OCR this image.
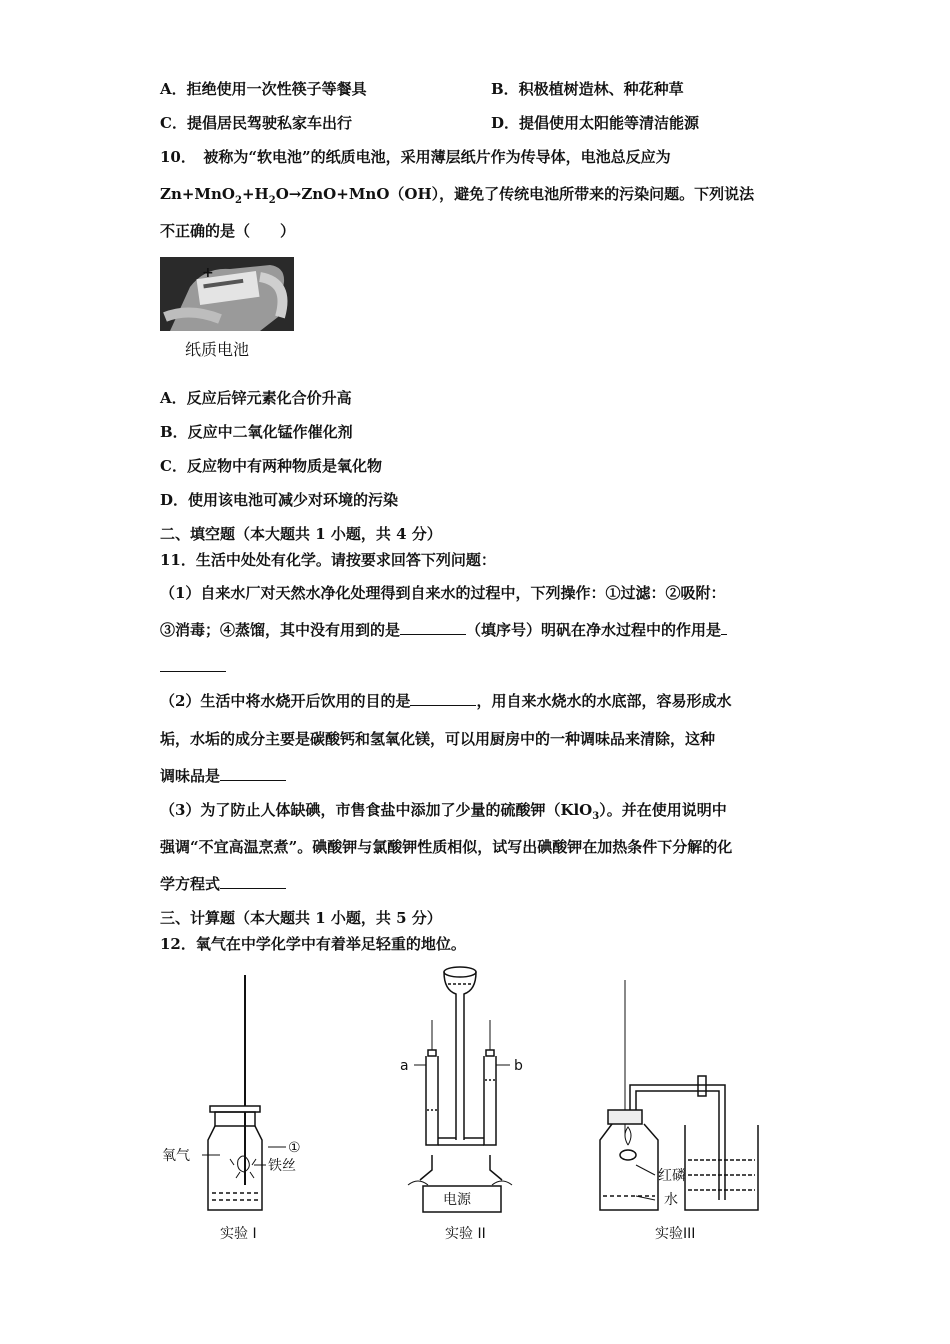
A．拒绝使用一次性筷子等餐具	B．积极植树造林、种花种草
C．提倡居民驾驶私家车出行	D．提倡使用太阳能等清洁能源
10．　被称为“软电池”的纸质电池，采用薄层纸片作为传导体，电池总反应为
$Zn+MnO_2+H_2O\to ZnO+MnO(OH)$，避免了传统电池所带来的污染问题。下列说法
不正确的是（　　）
+
纸质电池
A．反应后锌元素化合价升高
B．反应中二氧化锰作催化剂
C．反应物中有两种物质是氧化物
D．使用该电池可减少对环境的污染
二、填空题（本大题共 1 小题，共 4 分）
11．生活中处处有化学。请按要求回答下列问题：
（1）自来水厂对天然水净化处理得到自来水的过程中，下列操作：①过滤：②吸附：
③消毒；④蒸馏，其中没有用到的是	（填序号）明矾在净水过程中的作用是
（2）生活中将水烧开后饮用的目的是	，用自来水烧水的水底部，容易形成水
垢，水垢的成分主要是碳酸钙和氢氧化镁，可以用厨房中的一种调味品来清除，这种
调味品是
（3）为了防止人体缺碘，市售食盐中添加了少量的硫酸钾（KlO$_3$）。并在使用说明中
强调“不宜高温烹煮”。碘酸钾与氯酸钾性质相似，试写出碘酸钾在加热条件下分解的化
学方程式
三、计算题（本大题共 1 小题，共 5 分）
12．氧气在中学化学中有着举足轻重的地位。
氧气	①
铁丝
实验 I
a	b
电源
实验 II
红磷
水
实验III
